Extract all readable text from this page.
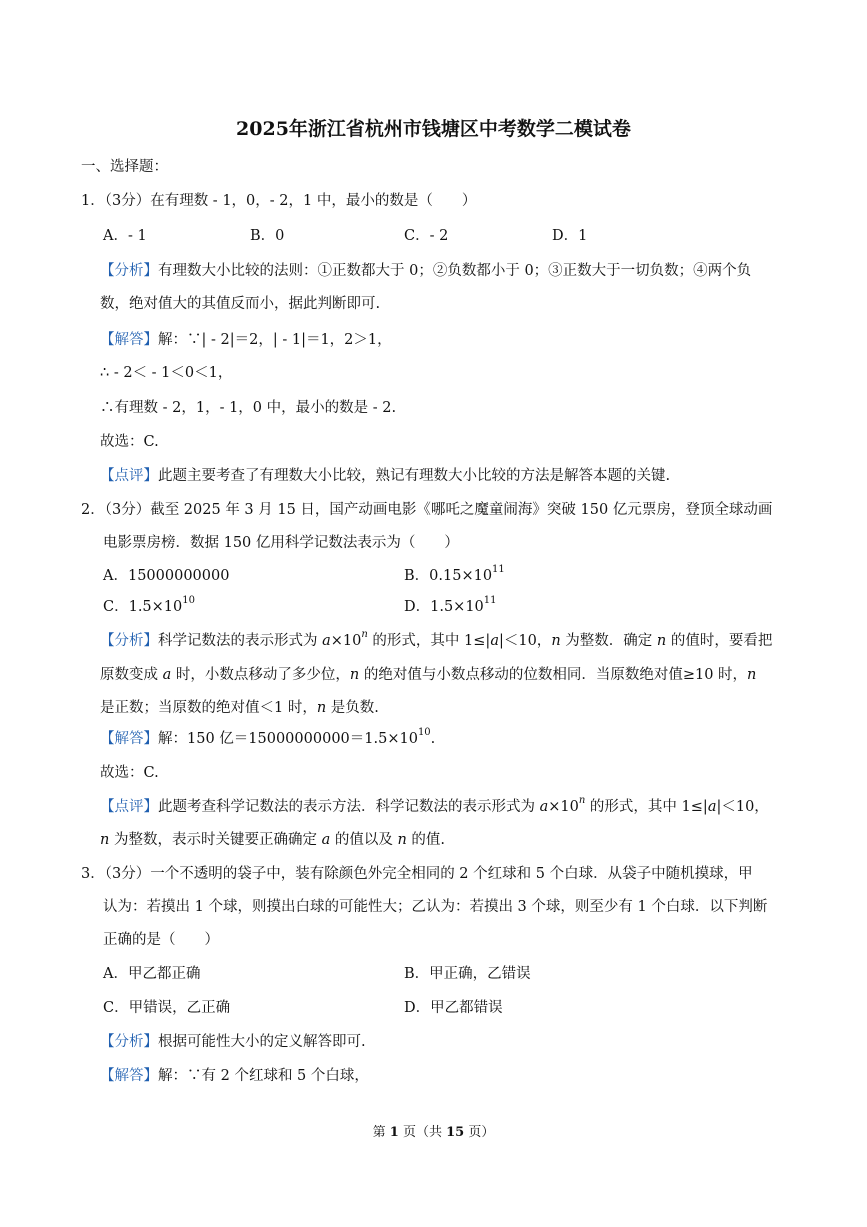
2025年浙江省杭州市钱塘区中考数学二模试卷
一、选择题：
1．（3分）在有理数 - 1，0，- 2，1 中，最小的数是（　　）
A．- 1	B．0	C．- 2	D．1
【分析】有理数大小比较的法则：①正数都大于 0；②负数都小于 0；③正数大于一切负数；④两个负
数，绝对值大的其值反而小，据此判断即可.
【解答】解：∵| - 2|＝2，| - 1|＝1，2＞1，
∴ - 2＜ - 1＜0＜1，
∴有理数 - 2，1，- 1，0 中，最小的数是 - 2.
故选：C.
【点评】此题主要考查了有理数大小比较，熟记有理数大小比较的方法是解答本题的关键.
2．（3分）截至 2025 年 3 月 15 日，国产动画电影《哪吒之魔童闹海》突破 150 亿元票房，登顶全球动画
电影票房榜．数据 150 亿用科学记数法表示为（　　）
A．15000000000	B．$0.15\times 10^{11}$
C．$1.5\times 10^{10}$	D．$1.5\times 10^{11}$
【分析】科学记数法的表示形式为 $a\times 10^n$ 的形式，其中 1≤|a|＜10，n 为整数．确定 n 的值时，要看把
原数变成 a 时，小数点移动了多少位，n 的绝对值与小数点移动的位数相同．当原数绝对值≥10 时，n
是正数；当原数的绝对值＜1 时，n 是负数.
【解答】解：150 亿$=15000000000=1.5\times 10^{10}$.
故选：C.
【点评】此题考查科学记数法的表示方法．科学记数法的表示形式为 $a\times 10^n$ 的形式，其中 1≤|a|＜10，
n 为整数，表示时关键要正确确定 a 的值以及 n 的值.
3．（3分）一个不透明的袋子中，装有除颜色外完全相同的 2 个红球和 5 个白球．从袋子中随机摸球，甲
认为：若摸出 1 个球，则摸出白球的可能性大；乙认为：若摸出 3 个球，则至少有 1 个白球．以下判断
正确的是（　　）
A．甲乙都正确	B．甲正确，乙错误
C．甲错误，乙正确	D．甲乙都错误
【分析】根据可能性大小的定义解答即可.
【解答】解：∵有 2 个红球和 5 个白球，
第 1 页（共 15 页）
